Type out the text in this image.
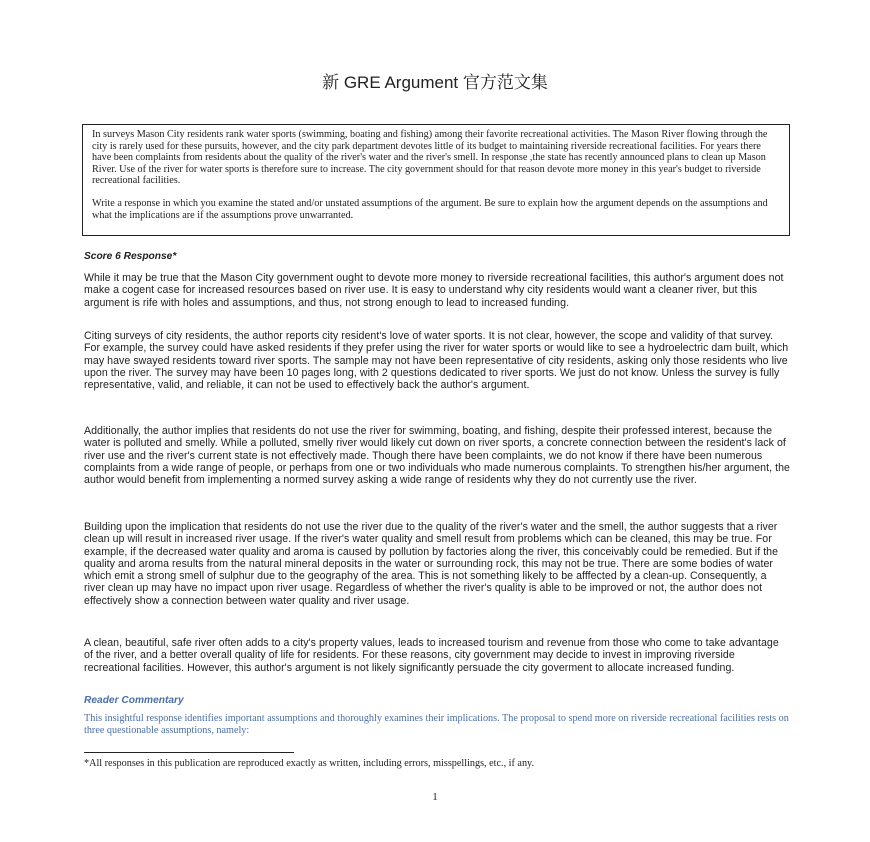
新 GRE Argument 官方范文集

In surveys Mason City residents rank water sports (swimming, boating and fishing) among their favorite recreational activities. The Mason River flowing through the city is rarely used for these pursuits, however, and the city park department devotes little of its budget to maintaining riverside recreational facilities. For years there have been complaints from residents about the quality of the river's water and the river's smell. In response ,the state has recently announced plans to clean up Mason River. Use of the river for water sports is therefore sure to increase. The city government should for that reason devote more money in this year's budget to riverside recreational facilities.

Write a response in which you examine the stated and/or unstated assumptions of the argument. Be sure to explain how the argument depends on the assumptions and what the implications are if the assumptions prove unwarranted.

Score 6 Response*

While it may be true that the Mason City government ought to devote more money to riverside recreational facilities, this author's argument does not make a cogent case for increased resources based on river use. It is easy to understand why city residents would want a cleaner river, but this argument is rife with holes and assumptions, and thus, not strong enough to lead to increased funding.

Citing surveys of city residents, the author reports city resident's love of water sports. It is not clear, however, the scope and validity of that survey. For example, the survey could have asked residents if they prefer using the river for water sports or would like to see a hydroelectric dam built, which may have swayed residents toward river sports. The sample may not have been representative of city residents, asking only those residents who live upon the river. The survey may have been 10 pages long, with 2 questions dedicated to river sports. We just do not know. Unless the survey is fully representative, valid, and reliable, it can not be used to effectively back the author's argument.

Additionally, the author implies that residents do not use the river for swimming, boating, and fishing, despite their professed interest, because the water is polluted and smelly. While a polluted, smelly river would likely cut down on river sports, a concrete connection between the resident's lack of river use and the river's current state is not effectively made. Though there have been complaints, we do not know if there have been numerous complaints from a wide range of people, or perhaps from one or two individuals who made numerous complaints. To strengthen his/her argument, the author would benefit from implementing a normed survey asking a wide range of residents why they do not currently use the river.

Building upon the implication that residents do not use the river due to the quality of the river's water and the smell, the author suggests that a river clean up will result in increased river usage. If the river's water quality and smell result from problems which can be cleaned, this may be true. For example, if the decreased water quality and aroma is caused by pollution by factories along the river, this conceivably could be remedied. But if the quality and aroma results from the natural mineral deposits in the water or surrounding rock, this may not be true. There are some bodies of water which emit a strong smell of sulphur due to the geography of the area. This is not something likely to be afffected by a clean-up. Consequently, a river clean up may have no impact upon river usage. Regardless of whether the river's quality is able to be improved or not, the author does not effectively show a connection between water quality and river usage.

A clean, beautiful, safe river often adds to a city's property values, leads to increased tourism and revenue from those who come to take advantage of the river, and a better overall quality of life for residents. For these reasons, city government may decide to invest in improving riverside recreational facilities. However, this author's argument is not likely significantly persuade the city goverment to allocate increased funding.

Reader Commentary
This insightful response identifies important assumptions and thoroughly examines their implications. The proposal to spend more on riverside recreational facilities rests on three questionable assumptions, namely:
*All responses in this publication are reproduced exactly as written, including errors, misspellings, etc., if any.
1
